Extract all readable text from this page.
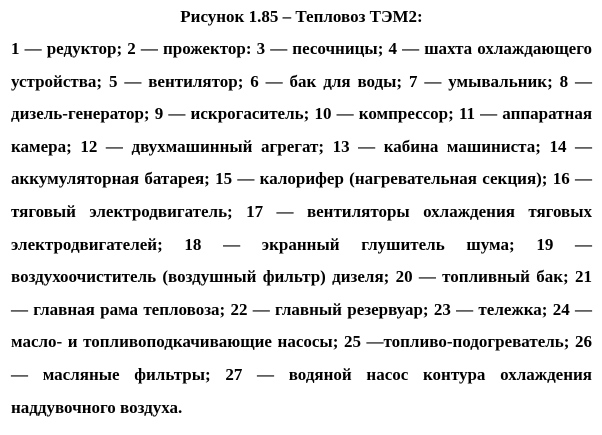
Рисунок 1.85 – Тепловоз ТЭМ2:

1 — редуктор; 2 — прожектор: 3 — песочницы; 4 — шахта охлаждающего устройства; 5 — вентилятор; 6 — бак для воды; 7 — умывальник; 8 — дизель-генератор; 9 — искрогаситель; 10 — компрессор; 11 — аппаратная камера; 12 — двухмашинный агрегат; 13 — кабина машиниста; 14 — аккумуляторная батарея; 15 — калорифер (нагревательная секция); 16 — тяговый электродвигатель; 17 — вентиляторы охлаждения тяговых электродвигателей; 18 — экранный глушитель шума; 19 — воздухоочиститель (воздушный фильтр) дизеля; 20 — топливный бак; 21 — главная рама тепловоза; 22 — главный резервуар; 23 — тележка; 24 — масло- и топливоподкачивающие насосы; 25 —топливо-подогреватель; 26 — масляные фильтры; 27 — водяной насос контура охлаждения наддувочного воздуха.
